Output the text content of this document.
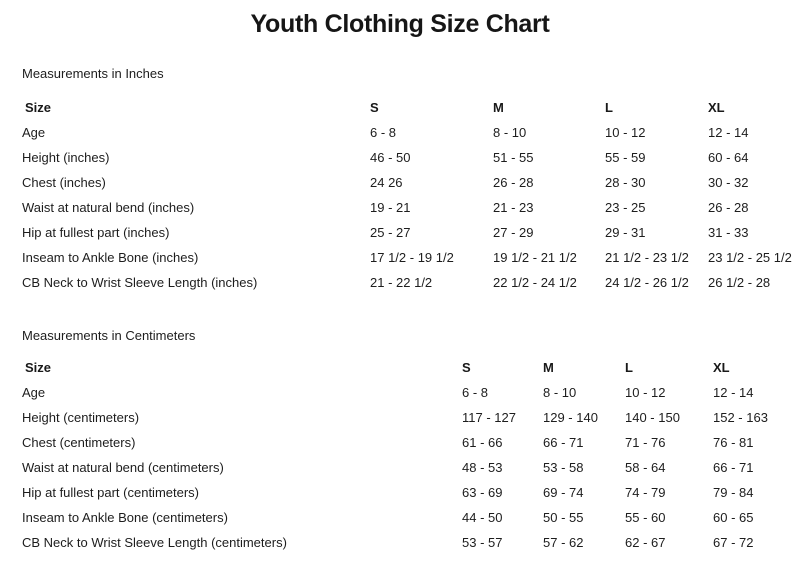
Youth Clothing Size Chart
Measurements in Inches
Size	S	M	L	XL
Age	6 - 8	8 - 10	10 - 12	12 - 14
Height (inches)	46 - 50	51 - 55	55 - 59	60 - 64
Chest (inches)	24 26	26 - 28	28 - 30	30 - 32
Waist at natural bend (inches)	19 - 21	21 - 23	23 - 25	26 - 28
Hip at fullest part (inches)	25 - 27	27 - 29	29 - 31	31 - 33
Inseam to Ankle Bone (inches)	17 1/2 - 19 1/2	19 1/2 - 21 1/2	21 1/2 - 23 1/2	23 1/2 - 25 1/2
CB Neck to Wrist Sleeve Length (inches)	21 - 22 1/2	22 1/2 - 24 1/2	24 1/2 - 26 1/2	26 1/2 - 28
Measurements in Centimeters
Size	S	M	L	XL
Age	6 - 8	8 - 10	10 - 12	12 - 14
Height (centimeters)	117 - 127	129 - 140	140 - 150	152 - 163
Chest (centimeters)	61 - 66	66 - 71	71 - 76	76 - 81
Waist at natural bend (centimeters)	48 - 53	53 - 58	58 - 64	66 - 71
Hip at fullest part (centimeters)	63 - 69	69 - 74	74 - 79	79 - 84
Inseam to Ankle Bone (centimeters)	44 - 50	50 - 55	55 - 60	60 - 65
CB Neck to Wrist Sleeve Length (centimeters)	53 - 57	57 - 62	62 - 67	67 - 72
